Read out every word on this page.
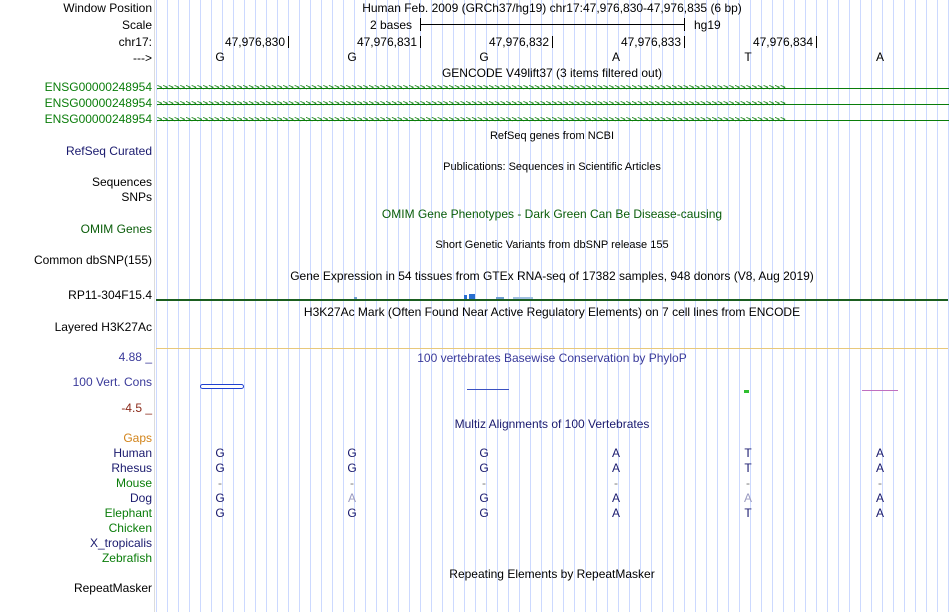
Window Position	Human Feb. 2009 (GRCh37/hg19) chr17:47,976,830-47,976,835 (6 bp)
Scale	2 bases	hg19
chr17:	47,976,830	47,976,831	47,976,832	47,976,833	47,976,834
--->	G	G	G	A	T	A
GENCODE V49lift37 (3 items filtered out)
ENSG00000248954 >>>>>>>>>>>>>>>>>>>>>>>>>>>>>>>>>>>>>>>>>>>>>>>>>>>>>>>>>>>>>>>>>>>>>>>>>>>>>>>>>>>>>>>>>>>>>>>>>>>>>>>>>>>>>>
ENSG00000248954 >>>>>>>>>>>>>>>>>>>>>>>>>>>>>>>>>>>>>>>>>>>>>>>>>>>>>>>>>>>>>>>>>>>>>>>>>>>>>>>>>>>>>>>>>>>>>>>>>>>>>>>>>>>>>>
ENSG00000248954 >>>>>>>>>>>>>>>>>>>>>>>>>>>>>>>>>>>>>>>>>>>>>>>>>>>>>>>>>>>>>>>>>>>>>>>>>>>>>>>>>>>>>>>>>>>>>>>>>>>>>>>>>>>>>>
RefSeq genes from NCBI
RefSeq Curated
Publications: Sequences in Scientific Articles
Sequences
SNPs
OMIM Gene Phenotypes - Dark Green Can Be Disease-causing
OMIM Genes
Short Genetic Variants from dbSNP release 155
Common dbSNP(155)
Gene Expression in 54 tissues from GTEx RNA-seq of 17382 samples, 948 donors (V8, Aug 2019)
RP11-304F15.4
H3K27Ac Mark (Often Found Near Active Regulatory Elements) on 7 cell lines from ENCODE
Layered H3K27Ac
4.88 _	100 vertebrates Basewise Conservation by PhyloP
100 Vert. Cons
-4.5 _
Multiz Alignments of 100 Vertebrates
Gaps
Human	G	G	G	A	T	A
Rhesus	G	G	G	A	T	A
Mouse	-	-	-	-	-	-
Dog	G	A	G	A	A	A
Elephant	G	G	G	A	T	A
Chicken
X_tropicalis
Zebrafish
Repeating Elements by RepeatMasker
RepeatMasker
